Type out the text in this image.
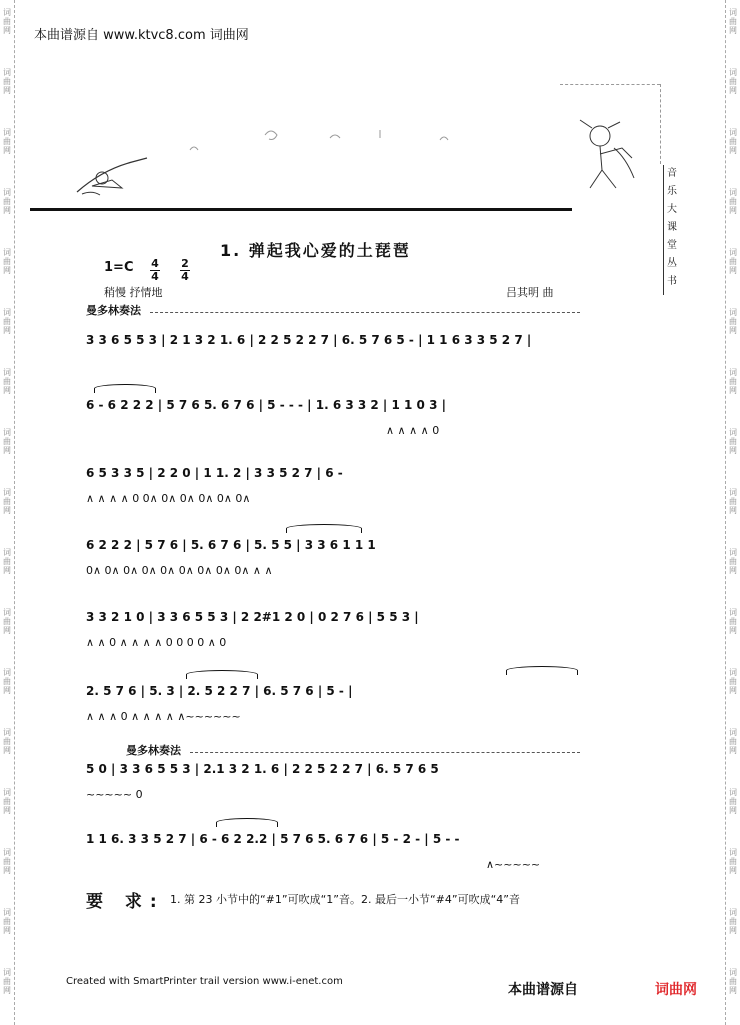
词
曲
网
词
曲
网
词
曲
网
词
曲
网
词
曲
网
词
曲
网
词
曲
网
词
曲
网
词
曲
网
词
曲
网
词
曲
网
词
曲
网
词
曲
网
词
曲
网
词
曲
网
词
曲
网
词
曲
网
词
曲
网
词
曲
网
词
曲
网
词
曲
网
词
曲
网
词
曲
网
词
曲
网
词
曲
网
词
曲
网
词
曲
网
词
曲
网
词
曲
网
词
曲
网
词
曲
网
词
曲
网
词
曲
网
词
曲
网
本曲谱源自 www.ktvc8.com 词曲网
音
乐
大
课
堂
丛
书
1. 弹起我心爱的土琵琶
1=C 4
4
2
4
稍慢 抒情地	吕其明 曲
曼多林奏法
3 3 6 5 5 3 | 2 1 3 2 1. 6 | 2 2 5 2 2 7 | 6. 5 7 6 5 - | 1 1 6 3 3 5 2 7 |
6 - 6 2 2 2 | 5 7 6 5. 6 7 6 | 5 - - - | 1. 6 3 3 2 | 1 1 0 3 |
∧ ∧ ∧ ∧ 0
6 5 3 3 5 | 2 2 0 | 1 1. 2 | 3 3 5 2 7 | 6 -
∧ ∧ ∧ ∧ 0 0∧ 0∧ 0∧ 0∧ 0∧ 0∧
6 2 2 2 | 5 7 6 | 5. 6 7 6 | 5. 5 5 | 3 3 6 1 1 1
0∧ 0∧ 0∧ 0∧ 0∧ 0∧ 0∧ 0∧ 0∧ ∧ ∧
3 3 2 1 0 | 3 3 6 5 5 3 | 2 2#1 2 0 | 0 2 7 6 | 5 5 3 |
∧ ∧ 0 ∧ ∧ ∧ ∧ 0 0 0 0 ∧ 0
2. 5 7 6 | 5. 3 | 2. 5 2 2 7 | 6. 5 7 6 | 5 - |
∧ ∧ ∧ 0 ∧ ∧ ∧ ∧ ∧~~~~~~
曼多林奏法
5 0 | 3 3 6 5 5 3 | 2.1 3 2 1. 6 | 2 2 5 2 2 7 | 6. 5 7 6 5
~~~~~ 0
1 1 6. 3 3 5 2 7 | 6 - 6 2 2.2 | 5 7 6 5. 6 7 6 | 5 - 2 - | 5 - -
∧~~~~~
要 求: 1. 第 23 小节中的“#1”可吹成“1”音。2. 最后一小节“#4”可吹成“4”音
Created with SmartPrinter trail version www.i-enet.com
本曲谱源自	词曲网
